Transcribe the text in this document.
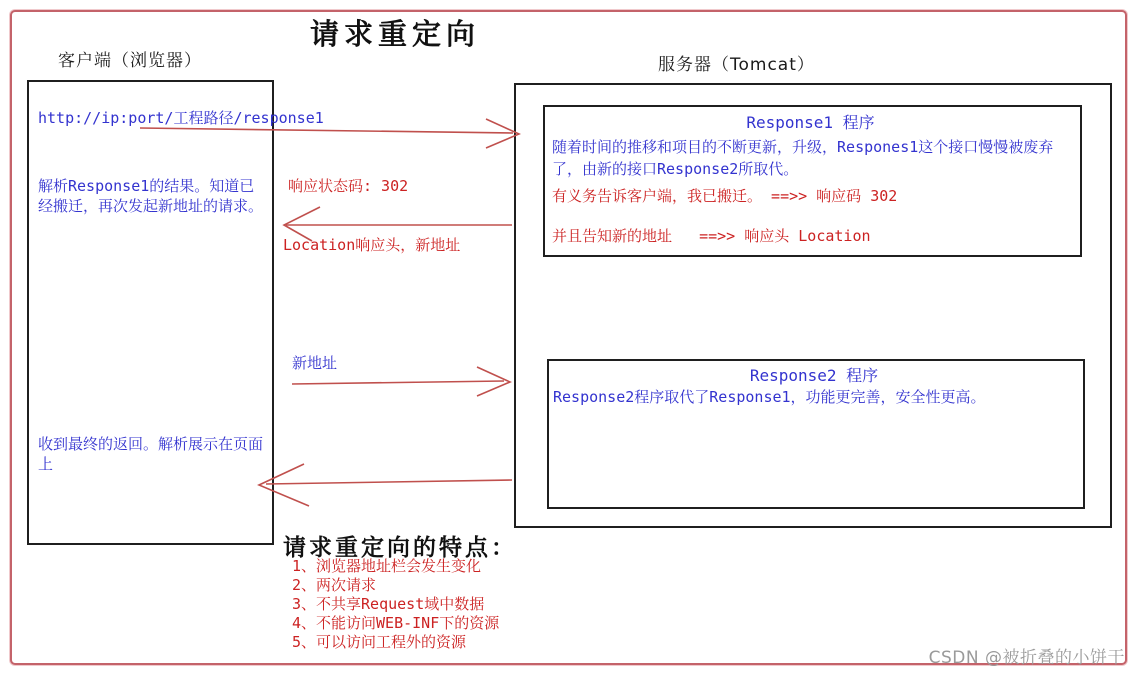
请求重定向
客户端（浏览器）	服务器（Tomcat）
http://ip:port/工程路径/response1
解析Response1的结果。知道已经搬迁，再次发起新地址的请求。
收到最终的返回。解析展示在页面上
响应状态码: 302
Location响应头，新地址
新地址
Response1 程序
随着时间的推移和项目的不断更新，升级，Respones1这个接口慢慢被废弃了，由新的接口Response2所取代。
有义务告诉客户端，我已搬迁。 ==>> 响应码 302
并且告知新的地址   ==>> 响应头 Location
Response2 程序
Response2程序取代了Response1，功能更完善，安全性更高。
请求重定向的特点：
1、浏览器地址栏会发生变化
2、两次请求
3、不共享Request域中数据
4、不能访问WEB-INF下的资源
5、可以访问工程外的资源
CSDN @被折叠的小饼干
